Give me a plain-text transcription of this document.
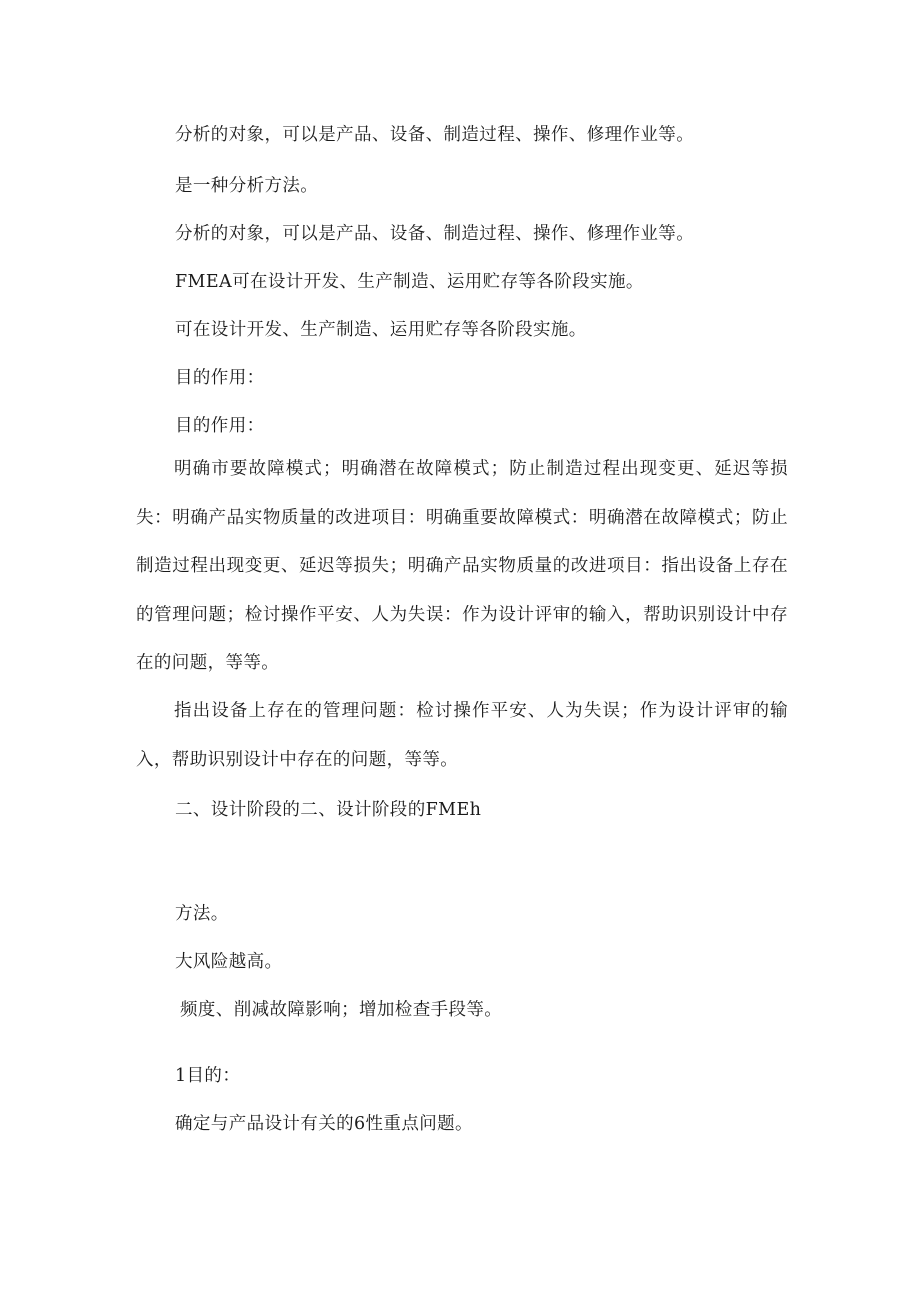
分析的对象，可以是产品、设备、制造过程、操作、修理作业等。

是一种分析方法。

分析的对象，可以是产品、设备、制造过程、操作、修理作业等。

FMEA可在设计开发、生产制造、运用贮存等各阶段实施。

可在设计开发、生产制造、运用贮存等各阶段实施。

目的作用：

目的作用：

明确市要故障模式；明确潜在故障模式；防止制造过程出现变更、延迟等损失：明确产品实物质量的改进项目：明确重要故障模式：明确潜在故障模式；防止制造过程出现变更、延迟等损失；明确产品实物质量的改进项目：指出设备上存在的管理问题；检讨操作平安、人为失误：作为设计评审的输入，帮助识别设计中存在的问题，等等。

指出设备上存在的管理问题：检讨操作平安、人为失误；作为设计评审的输入，帮助识别设计中存在的问题，等等。

二、设计阶段的二、设计阶段的FMEh

方法。

大风险越高。

频度、削减故障影响；增加检查手段等。

1目的：

确定与产品设计有关的6性重点问题。
